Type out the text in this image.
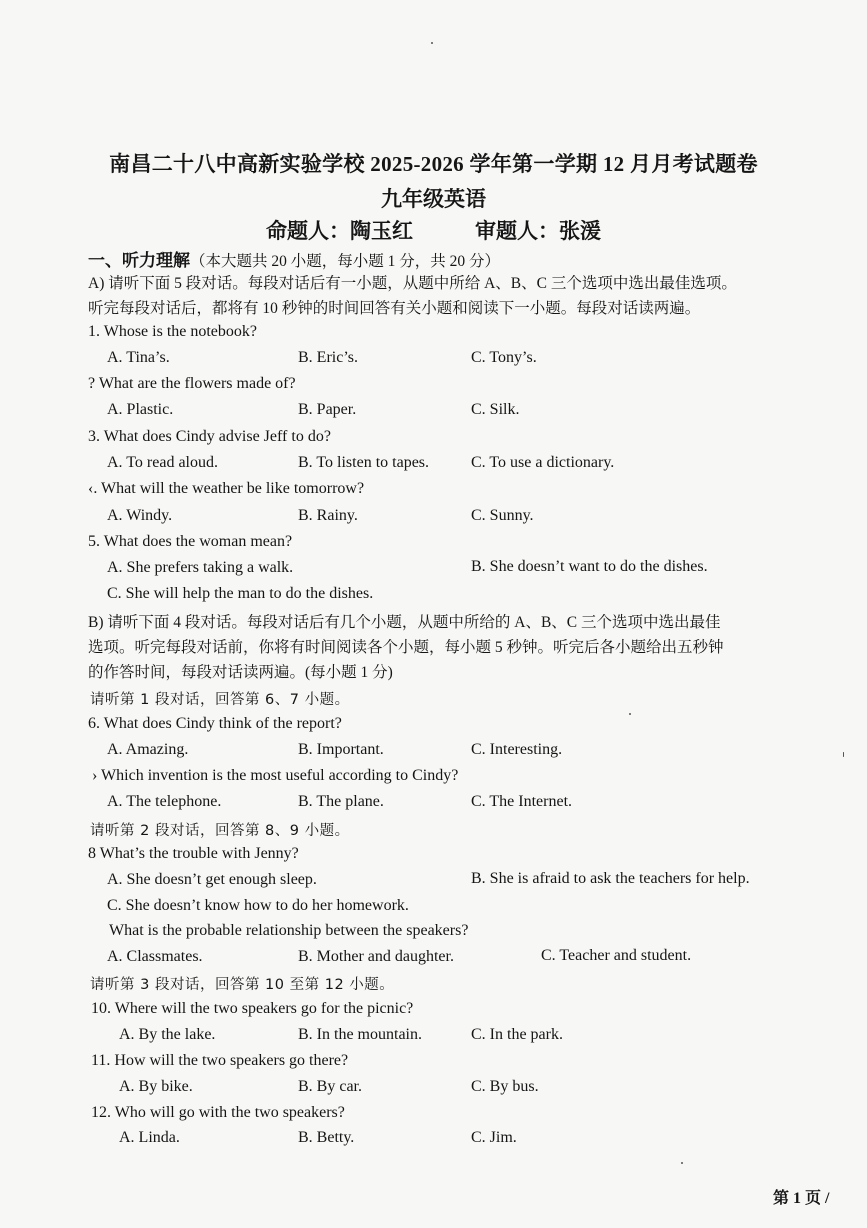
南昌二十八中高新实验学校 2025-2026 学年第一学期 12 月月考试题卷
九年级英语
命题人：陶玉红	审题人：张湲
一、听力理解（本大题共 20 小题，每小题 1 分，共 20 分）
A) 请听下面 5 段对话。每段对话后有一小题，从题中所给 A、B、C 三个选项中选出最佳选项。
听完每段对话后，都将有 10 秒钟的时间回答有关小题和阅读下一小题。每段对话读两遍。
1. Whose is the notebook?
A. Tina’s.	B. Eric’s.	C. Tony’s.
? What are the flowers made of?
A. Plastic.	B. Paper.	C. Silk.
3. What does Cindy advise Jeff to do?
A. To read aloud.	B. To listen to tapes.	C. To use a dictionary.
‹. What will the weather be like tomorrow?
A. Windy.	B. Rainy.	C. Sunny.
5. What does the woman mean?
A. She prefers taking a walk.	B. She doesn’t want to do the dishes.
C. She will help the man to do the dishes.
B) 请听下面 4 段对话。每段对话后有几个小题，从题中所给的 A、B、C 三个选项中选出最佳
选项。听完每段对话前，你将有时间阅读各个小题，每小题 5 秒钟。听完后各小题给出五秒钟
的作答时间，每段对话读两遍。(每小题 1 分)
请听第 1 段对话，回答第 6、7 小题。
6. What does Cindy think of the report?
A. Amazing.	B. Important.	C. Interesting.
› Which invention is the most useful according to Cindy?
A. The telephone.	B. The plane.	C. The Internet.
请听第 2 段对话，回答第 8、9 小题。
8 What’s the trouble with Jenny?
A. She doesn’t get enough sleep.	B. She is afraid to ask the teachers for help.
C. She doesn’t know how to do her homework.
What is the probable relationship between the speakers?
A. Classmates.	B. Mother and daughter.	C. Teacher and student.
请听第 3 段对话，回答第 10 至第 12 小题。
10. Where will the two speakers go for the picnic?
A. By the lake.	B. In the mountain.	C. In the park.
11. How will the two speakers go there?
A. By bike.	B. By car.	C. By bus.
12. Who will go with the two speakers?
A. Linda.	B. Betty.	C. Jim.
第 1 页 /
